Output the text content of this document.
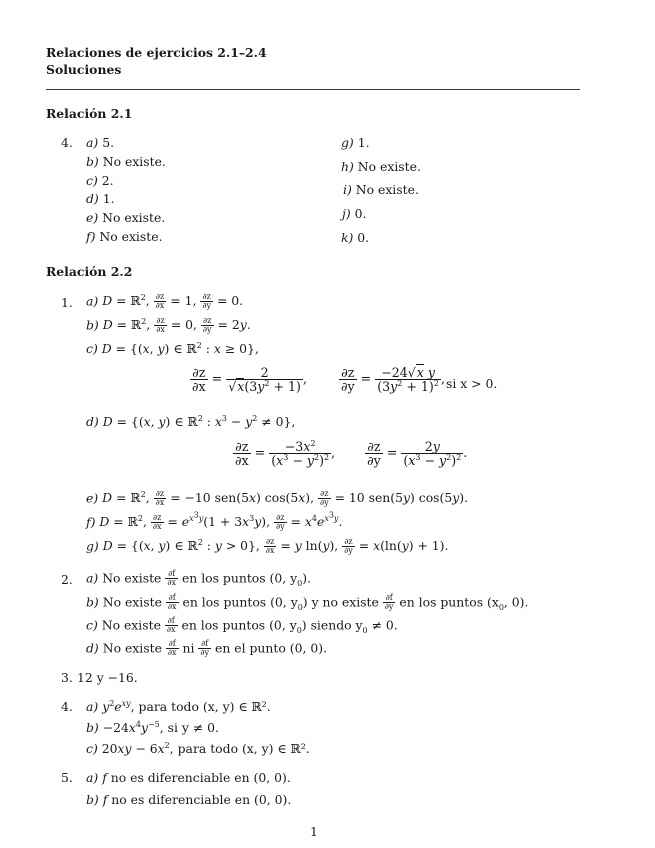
Relaciones de ejercicios 2.1–2.4
Soluciones
Relación 2.1
4. a) 5.
b) No existe.
c) 2.
d) 1.
e) No existe.
f) No existe.
g) 1.
h) No existe.
i) No existe.
j) 0.
k) 0.
Relación 2.2
1. a) D = ℝ$^2$, $\frac{\partial z}{\partial x} = 1$, $\frac{\partial z}{\partial y} = 0$.
b) D = ℝ$^2$, $\frac{\partial z}{\partial x} = 0$, $\frac{\partial z}{\partial y} = 2y$.
c) D = {(x, y) ∈ ℝ$^2$ : x ≥ 0},
$\frac{\partial z}{\partial x} = \frac{2}{√x(3y^2 + 1)}$ , $\frac{\partial z}{\partial y} = \frac{\text{−24√x y}}{(3y^2 + 1)^2}$ , si x > 0.
d) D = {(x, y) ∈ ℝ$^2$ : $x^3 - y^2 \ne 0$},
$\frac{\partial z}{\partial x} = \frac{-3x^2}{(x^3 - y^2)^2}$ , $\frac{\partial z}{\partial y} = \frac{2y}{(x^3 - y^2)^2}$ .
e) D = ℝ$^2$, $\frac{\partial z}{\partial x} = -10$ sen(5x) cos(5x), $\frac{\partial z}{\partial y} = 10$ sen(5y) cos(5y).
f) D = ℝ$^2$, $\frac{\partial z}{\partial x} = e^{x^3y}(1 + 3x^3y)$, $\frac{\partial z}{\partial y} = x^4e^{x^3y}$.
g) D = {(x, y) ∈ ℝ$^2$ : y > 0}, $\frac{\partial z}{\partial x} = y$ ln(y), $\frac{\partial z}{\partial y} = x(\ln(y) + 1)$.
2. a) No existe $\frac{\partial f}{\partial x}$ en los puntos (0, $y_0$).
b) No existe $\frac{\partial f}{\partial x}$ en los puntos (0, $y_0$) y no existe $\frac{\partial f}{\partial y}$ en los puntos ($x_0$, 0).
c) No existe $\frac{\partial f}{\partial x}$ en los puntos (0, $y_0$) siendo $y_0 \ne 0$.
d) No existe $\frac{\partial f}{\partial x}$ ni $\frac{\partial f}{\partial y}$ en el punto (0, 0).
3. 12 y −16.
4. a) $y^2e^{xy}$, para todo (x, y) ∈ ℝ².
$b) -24x^4y^{-5}$, si y ≠ 0.
c) $20xy - 6x^2$, para todo (x, y) ∈ ℝ².
5. a) f no es diferenciable en (0, 0).
b) f no es diferenciable en (0, 0).
1
